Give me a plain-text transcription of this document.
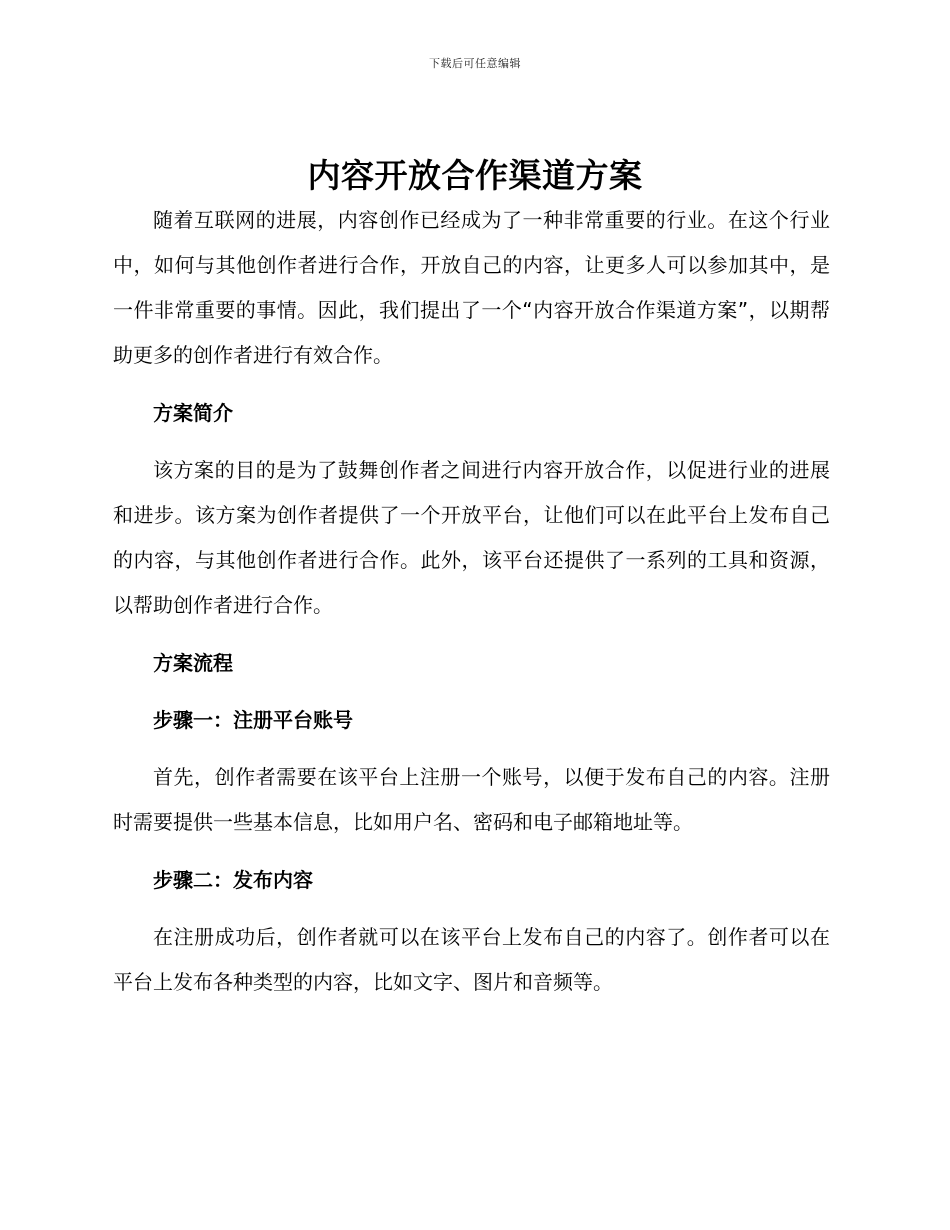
下载后可任意编辑
内容开放合作渠道方案

随着互联网的进展，内容创作已经成为了一种非常重要的行业。在这个行业中，如何与其他创作者进行合作，开放自己的内容，让更多人可以参加其中，是一件非常重要的事情。因此，我们提出了一个“内容开放合作渠道方案”，以期帮助更多的创作者进行有效合作。

方案简介

该方案的目的是为了鼓舞创作者之间进行内容开放合作，以促进行业的进展和进步。该方案为创作者提供了一个开放平台，让他们可以在此平台上发布自己的内容，与其他创作者进行合作。此外，该平台还提供了一系列的工具和资源，以帮助创作者进行合作。

方案流程

步骤一：注册平台账号

首先，创作者需要在该平台上注册一个账号，以便于发布自己的内容。注册时需要提供一些基本信息，比如用户名、密码和电子邮箱地址等。

步骤二：发布内容

在注册成功后，创作者就可以在该平台上发布自己的内容了。创作者可以在平台上发布各种类型的内容，比如文字、图片和音频等。
